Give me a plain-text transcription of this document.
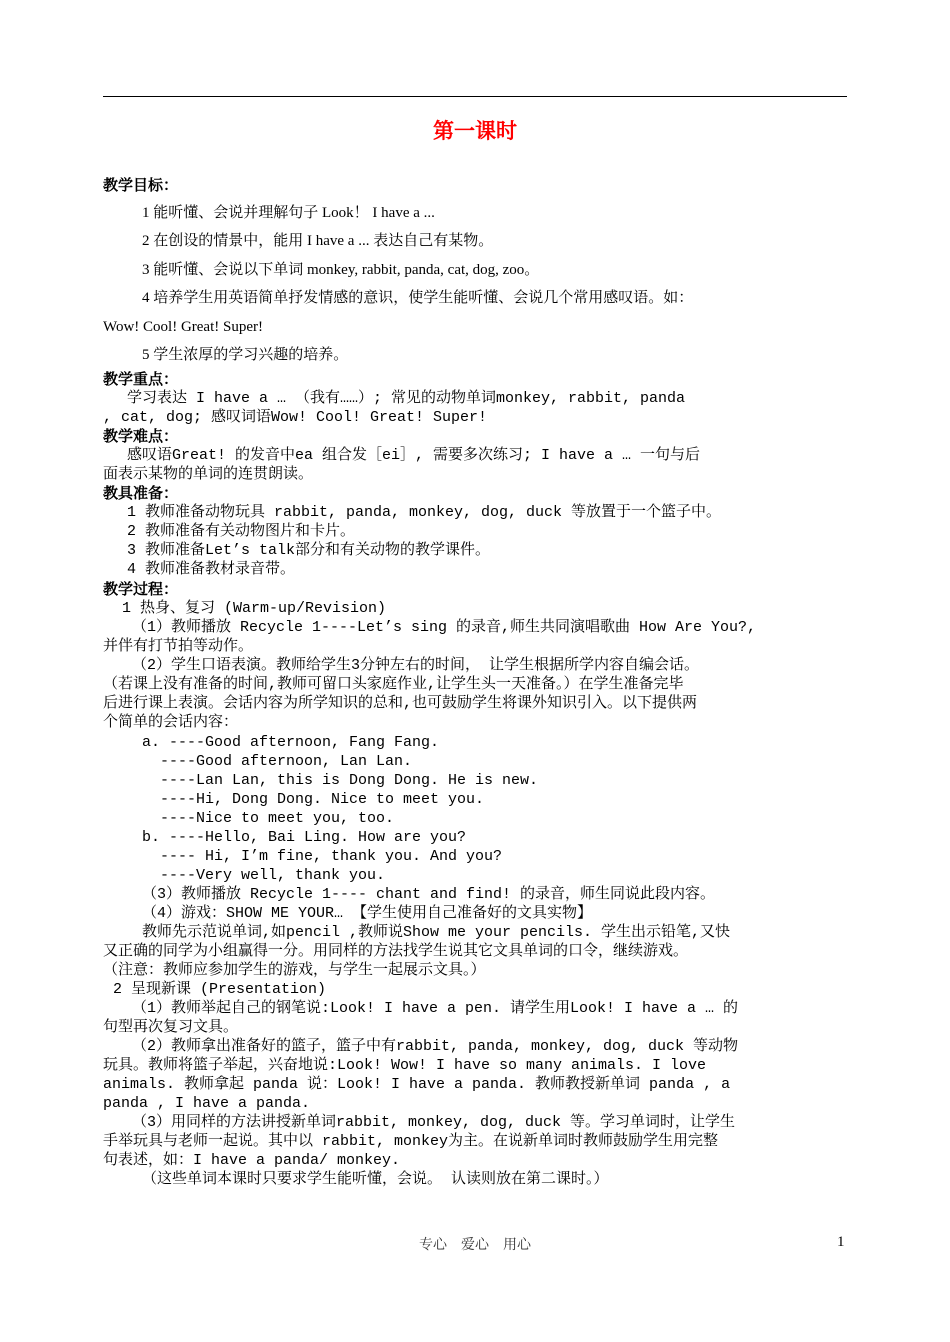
第一课时
教学目标：
1 能听懂、会说并理解句子 Look！ I have a ...
2 在创设的情景中，能用 I have a ... 表达自己有某物。
3 能听懂、会说以下单词 monkey, rabbit, panda, cat, dog, zoo。
4 培养学生用英语简单抒发情感的意识，使学生能听懂、会说几个常用感叹语。如：
Wow! Cool! Great! Super!
5 学生浓厚的学习兴趣的培养。
教学重点：
　 学习表达 I have a … （我有……）; 常见的动物单词monkey, rabbit, panda
, cat, dog; 感叹词语Wow! Cool! Great! Super!
教学难点：
　 感叹语Great! 的发音中ea 组合发［ei］, 需要多次练习; I have a … 一句与后
面表示某物的单词的连贯朗读。
教具准备：
　 1 教师准备动物玩具 rabbit, panda, monkey, dog, duck 等放置于一个篮子中。
　 2 教师准备有关动物图片和卡片。
　 3 教师准备Let’s talk部分和有关动物的教学课件。
　 4 教师准备教材录音带。
教学过程：
1 热身、复习 (Warm-up/Revision)
（1）教师播放 Recycle 1----Let’s sing 的录音,师生共同演唱歌曲 How Are You?,
并伴有打节拍等动作。
（2）学生口语表演。教师给学生3分钟左右的时间， 让学生根据所学内容自编会话。
（若课上没有准备的时间,教师可留口头家庭作业,让学生头一天准备。）在学生准备完毕
后进行课上表演。会话内容为所学知识的总和,也可鼓励学生将课外知识引入。以下提供两
个简单的会话内容：
a. ----Good afternoon, Fang Fang.
----Good afternoon, Lan Lan.
----Lan Lan, this is Dong Dong. He is new.
----Hi, Dong Dong. Nice to meet you.
----Nice to meet you, too.
b. ----Hello, Bai Ling. How are you?
---- Hi, I’m fine, thank you. And you?
----Very well, thank you.
（3）教师播放 Recycle 1---- chant and find! 的录音，师生同说此段内容。
（4）游戏：SHOW ME YOUR… 【学生使用自己准备好的文具实物】
教师先示范说单词,如pencil ,教师说Show me your pencils. 学生出示铅笔,又快
又正确的同学为小组赢得一分。用同样的方法找学生说其它文具单词的口令，继续游戏。
（注意：教师应参加学生的游戏，与学生一起展示文具。）
2 呈现新课 (Presentation)
（1）教师举起自己的钢笔说:Look! I have a pen. 请学生用Look! I have a … 的
句型再次复习文具。
（2）教师拿出准备好的篮子，篮子中有rabbit, panda, monkey, dog, duck 等动物
玩具。教师将篮子举起，兴奋地说:Look! Wow! I have so many animals. I love
animals. 教师拿起 panda 说：Look! I have a panda. 教师教授新单词 panda , a
panda , I have a panda.
（3）用同样的方法讲授新单词rabbit, monkey, dog, duck 等。学习单词时，让学生
手举玩具与老师一起说。其中以 rabbit, monkey为主。在说新单词时教师鼓励学生用完整
句表述，如：I have a panda/ monkey.
（这些单词本课时只要求学生能听懂，会说。 认读则放在第二课时。）
专心　爱心　用心	1
